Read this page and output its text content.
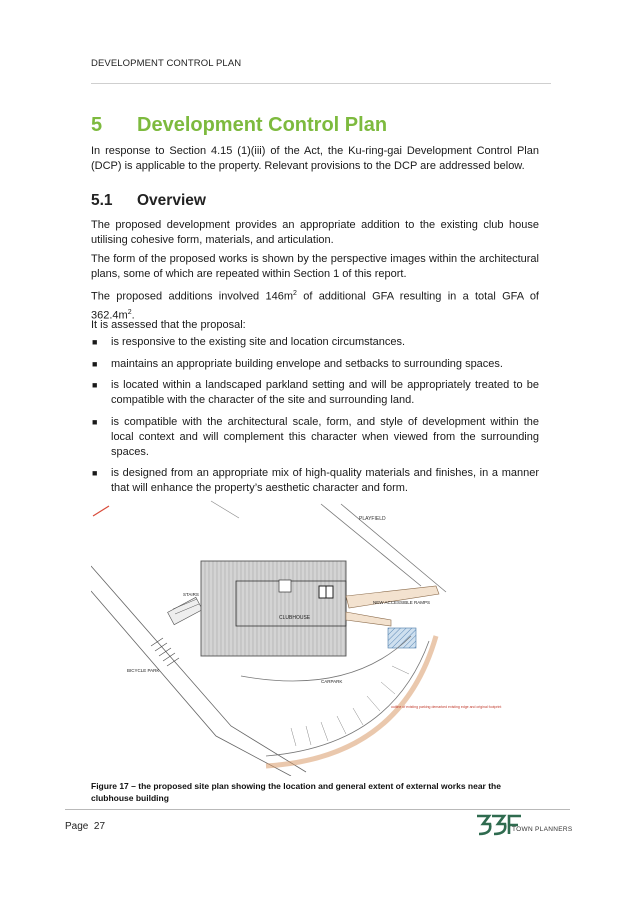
DEVELOPMENT CONTROL PLAN
5 Development Control Plan
In response to Section 4.15 (1)(iii) of the Act, the Ku-ring-gai Development Control Plan (DCP) is applicable to the property. Relevant provisions to the DCP are addressed below.
5.1 Overview
The proposed development provides an appropriate addition to the existing club house utilising cohesive form, materials, and articulation.
The form of the proposed works is shown by the perspective images within the architectural plans, some of which are repeated within Section 1 of this report.
The proposed additions involved $146m^2$ of additional GFA resulting in a total GFA of $362.4m^2$.
It is assessed that the proposal:
■ is responsive to the existing site and location circumstances.
■ maintains an appropriate building envelope and setbacks to surrounding spaces.
■ is located within a landscaped parkland setting and will be appropriately treated to be compatible with the character of the site and surrounding land.
■ is compatible with the architectural scale, form, and style of development within the local context and will complement this character when viewed from the surrounding spaces.
■ is designed from an appropriate mix of high-quality materials and finishes, in a manner that will enhance the property’s aesthetic character and form.
PLAYFIELD
CLUBHOUSE
STAIRS
NEW ACCESSIBLE RAMPS
CARPARK
BICYCLE PARK
outline of existing parking demarked existing edge and original footprint
Figure 17 – the proposed site plan showing the location and general extent of external works near the clubhouse building
Page 27	TOWN PLANNERS
